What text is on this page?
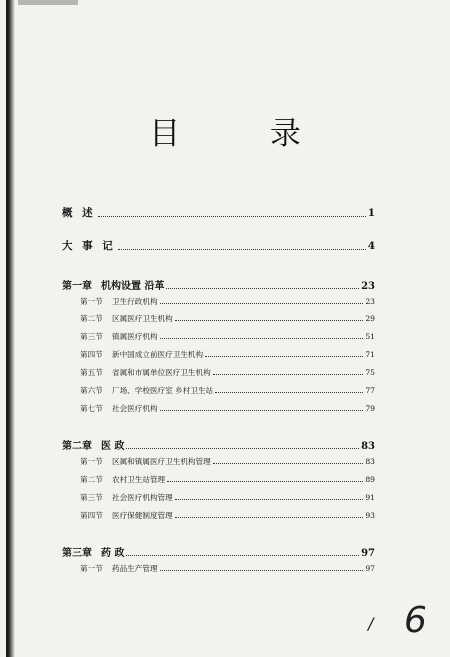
目 录
概 述	1
大 事 记	4
第一章 机构设置 沿革	23
第一节	卫生行政机构	23
第二节	区属医疗卫生机构	29
第三节	镇属医疗机构	51
第四节	新中国成立前医疗卫生机构	71
第五节	省属和市属单位医疗卫生机构	75
第六节	厂场、学校医疗室 乡村卫生站	77
第七节	社会医疗机构	79
第二章 医 政	83
第一节	区属和镇属医疗卫生机构管理	83
第二节	农村卫生站管理	89
第三节	社会医疗机构管理	91
第四节	医疗保健制度管理	93
第三章 药 政	97
第一节	药品生产管理	97
/ 6
